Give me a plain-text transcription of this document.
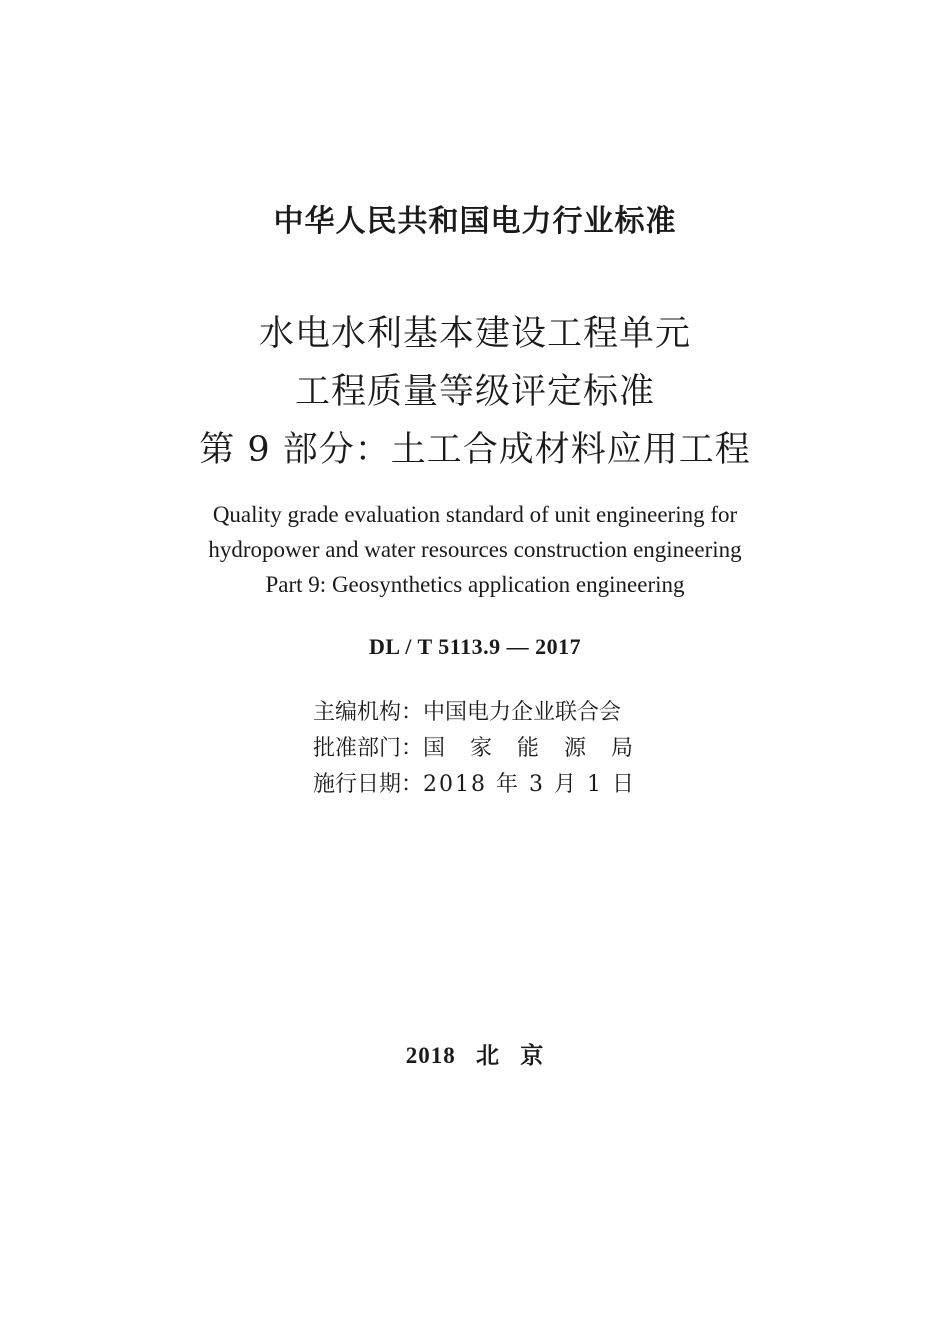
中华人民共和国电力行业标准
水电水利基本建设工程单元
工程质量等级评定标准
第 9 部分：土工合成材料应用工程
Quality grade evaluation standard of unit engineering for
hydropower and water resources construction engineering
Part 9: Geosynthetics application engineering
DL / T 5113.9 — 2017
主编机构：中国电力企业联合会
批准部门：国 家 能 源 局
施行日期：2018 年 3 月 1 日
2018   北   京
